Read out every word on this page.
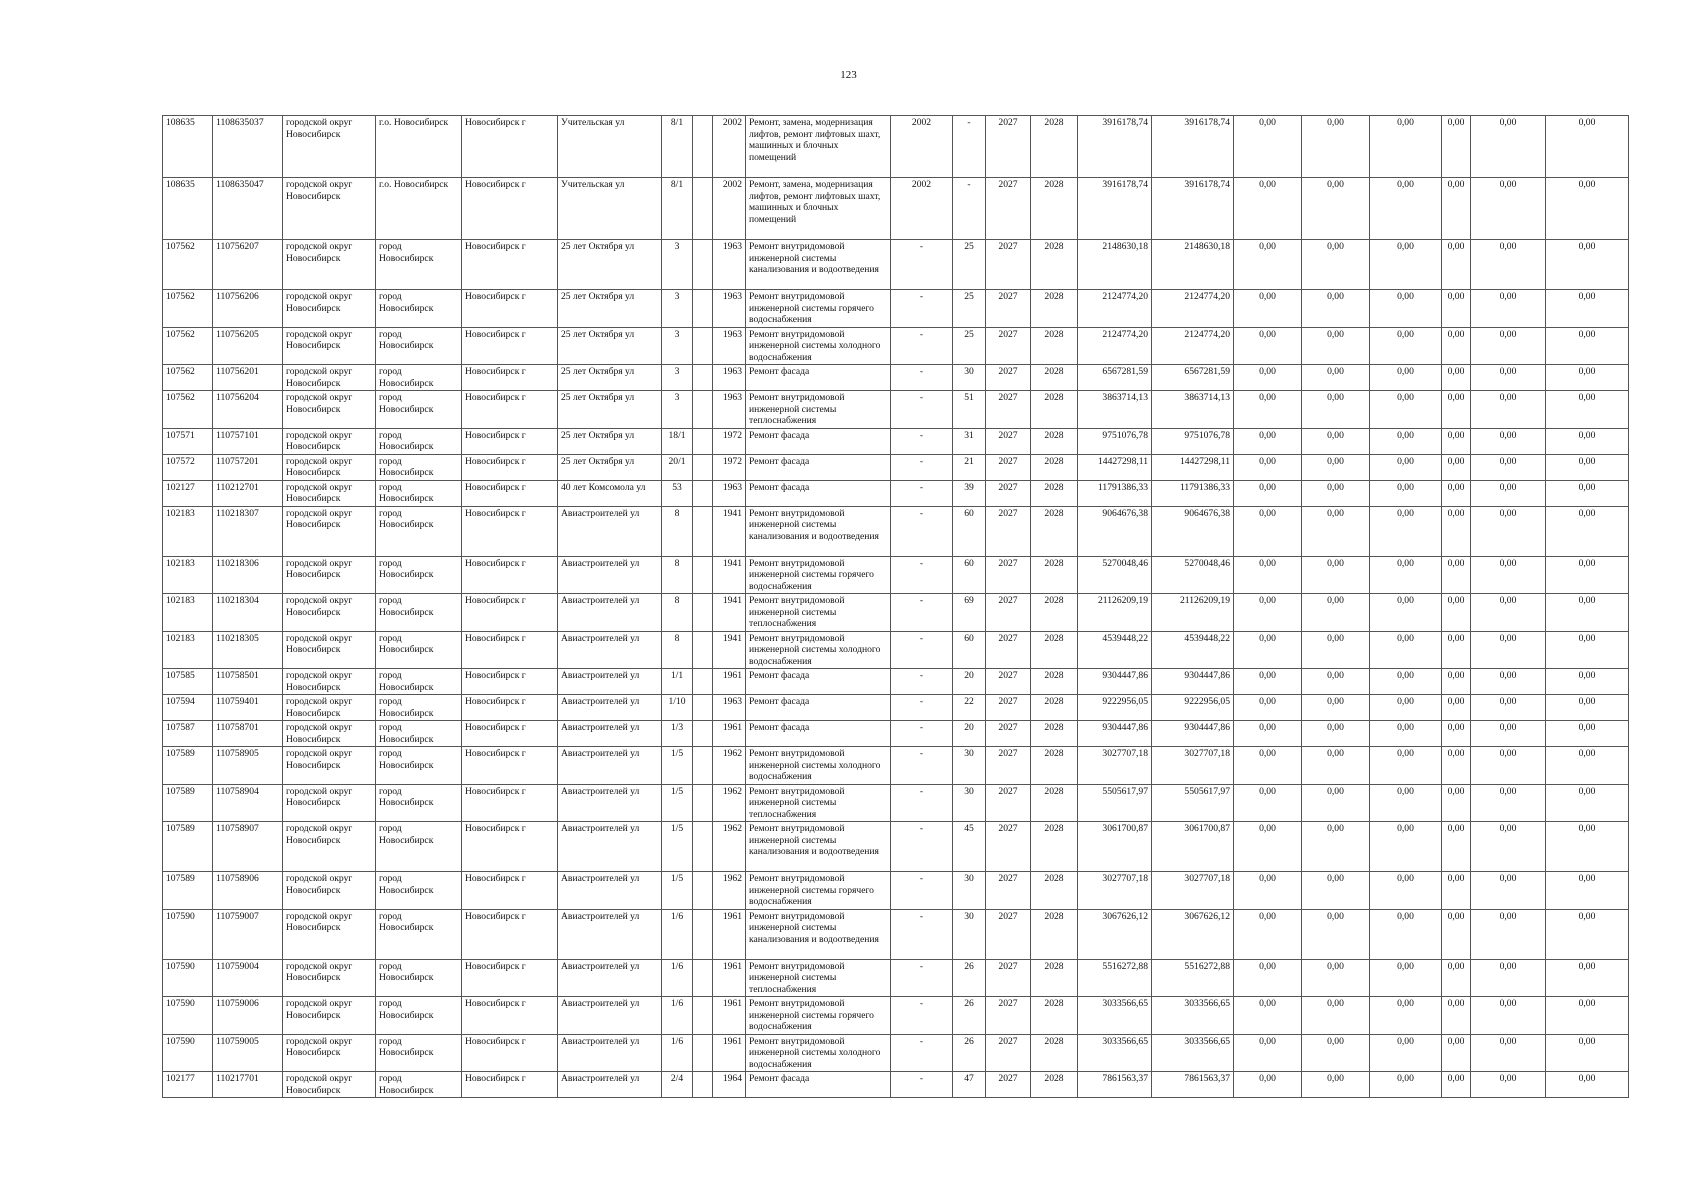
123
108635	1108635037	городской округ Новосибирск	г.о. Новосибирск	Новосибирск г	Учительская ул	8/1		2002	Ремонт, замена, модернизация лифтов, ремонт лифтовых шахт, машинных и блочных помещений	2002	-	2027	2028	3916178,74	3916178,74	0,00	0,00	0,00	0,00	0,00	0,00
108635	1108635047	городской округ Новосибирск	г.о. Новосибирск	Новосибирск г	Учительская ул	8/1		2002	Ремонт, замена, модернизация лифтов, ремонт лифтовых шахт, машинных и блочных помещений	2002	-	2027	2028	3916178,74	3916178,74	0,00	0,00	0,00	0,00	0,00	0,00
107562	110756207	городской округ Новосибирск	город Новосибирск	Новосибирск г	25 лет Октября ул	3		1963	Ремонт внутридомовой инженерной системы канализования и водоотведения	-	25	2027	2028	2148630,18	2148630,18	0,00	0,00	0,00	0,00	0,00	0,00
107562	110756206	городской округ Новосибирск	город Новосибирск	Новосибирск г	25 лет Октября ул	3		1963	Ремонт внутридомовой инженерной системы горячего водоснабжения	-	25	2027	2028	2124774,20	2124774,20	0,00	0,00	0,00	0,00	0,00	0,00
107562	110756205	городской округ Новосибирск	город Новосибирск	Новосибирск г	25 лет Октября ул	3		1963	Ремонт внутридомовой инженерной системы холодного водоснабжения	-	25	2027	2028	2124774,20	2124774,20	0,00	0,00	0,00	0,00	0,00	0,00
107562	110756201	городской округ Новосибирск	город Новосибирск	Новосибирск г	25 лет Октября ул	3		1963	Ремонт фасада	-	30	2027	2028	6567281,59	6567281,59	0,00	0,00	0,00	0,00	0,00	0,00
107562	110756204	городской округ Новосибирск	город Новосибирск	Новосибирск г	25 лет Октября ул	3		1963	Ремонт внутридомовой инженерной системы теплоснабжения	-	51	2027	2028	3863714,13	3863714,13	0,00	0,00	0,00	0,00	0,00	0,00
107571	110757101	городской округ Новосибирск	город Новосибирск	Новосибирск г	25 лет Октября ул	18/1		1972	Ремонт фасада	-	31	2027	2028	9751076,78	9751076,78	0,00	0,00	0,00	0,00	0,00	0,00
107572	110757201	городской округ Новосибирск	город Новосибирск	Новосибирск г	25 лет Октября ул	20/1		1972	Ремонт фасада	-	21	2027	2028	14427298,11	14427298,11	0,00	0,00	0,00	0,00	0,00	0,00
102127	110212701	городской округ Новосибирск	город Новосибирск	Новосибирск г	40 лет Комсомола ул	53		1963	Ремонт фасада	-	39	2027	2028	11791386,33	11791386,33	0,00	0,00	0,00	0,00	0,00	0,00
102183	110218307	городской округ Новосибирск	город Новосибирск	Новосибирск г	Авиастроителей ул	8		1941	Ремонт внутридомовой инженерной системы канализования и водоотведения	-	60	2027	2028	9064676,38	9064676,38	0,00	0,00	0,00	0,00	0,00	0,00
102183	110218306	городской округ Новосибирск	город Новосибирск	Новосибирск г	Авиастроителей ул	8		1941	Ремонт внутридомовой инженерной системы горячего водоснабжения	-	60	2027	2028	5270048,46	5270048,46	0,00	0,00	0,00	0,00	0,00	0,00
102183	110218304	городской округ Новосибирск	город Новосибирск	Новосибирск г	Авиастроителей ул	8		1941	Ремонт внутридомовой инженерной системы теплоснабжения	-	69	2027	2028	21126209,19	21126209,19	0,00	0,00	0,00	0,00	0,00	0,00
102183	110218305	городской округ Новосибирск	город Новосибирск	Новосибирск г	Авиастроителей ул	8		1941	Ремонт внутридомовой инженерной системы холодного водоснабжения	-	60	2027	2028	4539448,22	4539448,22	0,00	0,00	0,00	0,00	0,00	0,00
107585	110758501	городской округ Новосибирск	город Новосибирск	Новосибирск г	Авиастроителей ул	1/1		1961	Ремонт фасада	-	20	2027	2028	9304447,86	9304447,86	0,00	0,00	0,00	0,00	0,00	0,00
107594	110759401	городской округ Новосибирск	город Новосибирск	Новосибирск г	Авиастроителей ул	1/10		1963	Ремонт фасада	-	22	2027	2028	9222956,05	9222956,05	0,00	0,00	0,00	0,00	0,00	0,00
107587	110758701	городской округ Новосибирск	город Новосибирск	Новосибирск г	Авиастроителей ул	1/3		1961	Ремонт фасада	-	20	2027	2028	9304447,86	9304447,86	0,00	0,00	0,00	0,00	0,00	0,00
107589	110758905	городской округ Новосибирск	город Новосибирск	Новосибирск г	Авиастроителей ул	1/5		1962	Ремонт внутридомовой инженерной системы холодного водоснабжения	-	30	2027	2028	3027707,18	3027707,18	0,00	0,00	0,00	0,00	0,00	0,00
107589	110758904	городской округ Новосибирск	город Новосибирск	Новосибирск г	Авиастроителей ул	1/5		1962	Ремонт внутридомовой инженерной системы теплоснабжения	-	30	2027	2028	5505617,97	5505617,97	0,00	0,00	0,00	0,00	0,00	0,00
107589	110758907	городской округ Новосибирск	город Новосибирск	Новосибирск г	Авиастроителей ул	1/5		1962	Ремонт внутридомовой инженерной системы канализования и водоотведения	-	45	2027	2028	3061700,87	3061700,87	0,00	0,00	0,00	0,00	0,00	0,00
107589	110758906	городской округ Новосибирск	город Новосибирск	Новосибирск г	Авиастроителей ул	1/5		1962	Ремонт внутридомовой инженерной системы горячего водоснабжения	-	30	2027	2028	3027707,18	3027707,18	0,00	0,00	0,00	0,00	0,00	0,00
107590	110759007	городской округ Новосибирск	город Новосибирск	Новосибирск г	Авиастроителей ул	1/6		1961	Ремонт внутридомовой инженерной системы канализования и водоотведения	-	30	2027	2028	3067626,12	3067626,12	0,00	0,00	0,00	0,00	0,00	0,00
107590	110759004	городской округ Новосибирск	город Новосибирск	Новосибирск г	Авиастроителей ул	1/6		1961	Ремонт внутридомовой инженерной системы теплоснабжения	-	26	2027	2028	5516272,88	5516272,88	0,00	0,00	0,00	0,00	0,00	0,00
107590	110759006	городской округ Новосибирск	город Новосибирск	Новосибирск г	Авиастроителей ул	1/6		1961	Ремонт внутридомовой инженерной системы горячего водоснабжения	-	26	2027	2028	3033566,65	3033566,65	0,00	0,00	0,00	0,00	0,00	0,00
107590	110759005	городской округ Новосибирск	город Новосибирск	Новосибирск г	Авиастроителей ул	1/6		1961	Ремонт внутридомовой инженерной системы холодного водоснабжения	-	26	2027	2028	3033566,65	3033566,65	0,00	0,00	0,00	0,00	0,00	0,00
102177	110217701	городской округ Новосибирск	город Новосибирск	Новосибирск г	Авиастроителей ул	2/4		1964	Ремонт фасада	-	47	2027	2028	7861563,37	7861563,37	0,00	0,00	0,00	0,00	0,00	0,00
